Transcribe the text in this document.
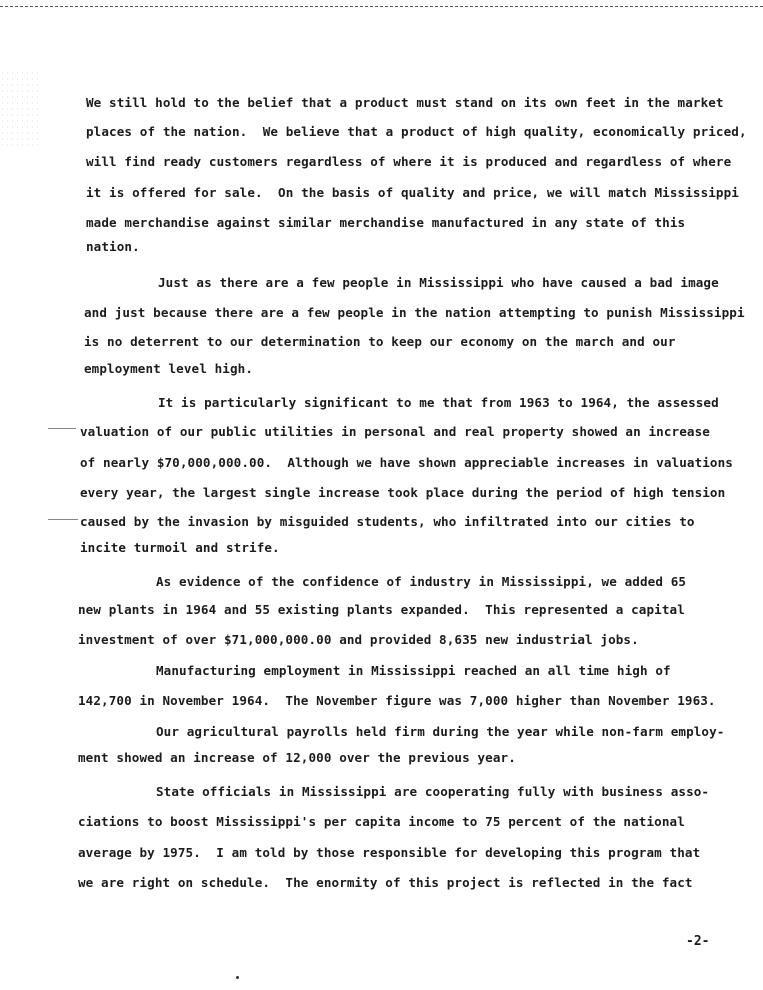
We still hold to the belief that a product must stand on its own feet in the market
places of the nation.  We believe that a product of high quality, economically priced,
will find ready customers regardless of where it is produced and regardless of where
it is offered for sale.  On the basis of quality and price, we will match Mississippi
made merchandise against similar merchandise manufactured in any state of this
nation.
Just as there are a few people in Mississippi who have caused a bad image
and just because there are a few people in the nation attempting to punish Mississippi
is no deterrent to our determination to keep our economy on the march and our
employment level high.
It is particularly significant to me that from 1963 to 1964, the assessed
valuation of our public utilities in personal and real property showed an increase
of nearly $70,000,000.00.  Although we have shown appreciable increases in valuations
every year, the largest single increase took place during the period of high tension
caused by the invasion by misguided students, who infiltrated into our cities to
incite turmoil and strife.
As evidence of the confidence of industry in Mississippi, we added 65
new plants in 1964 and 55 existing plants expanded.  This represented a capital
investment of over $71,000,000.00 and provided 8,635 new industrial jobs.
Manufacturing employment in Mississippi reached an all time high of
142,700 in November 1964.  The November figure was 7,000 higher than November 1963.
Our agricultural payrolls held firm during the year while non-farm employ-
ment showed an increase of 12,000 over the previous year.
State officials in Mississippi are cooperating fully with business asso-
ciations to boost Mississippi's per capita income to 75 percent of the national
average by 1975.  I am told by those responsible for developing this program that
we are right on schedule.  The enormity of this project is reflected in the fact
-2-
